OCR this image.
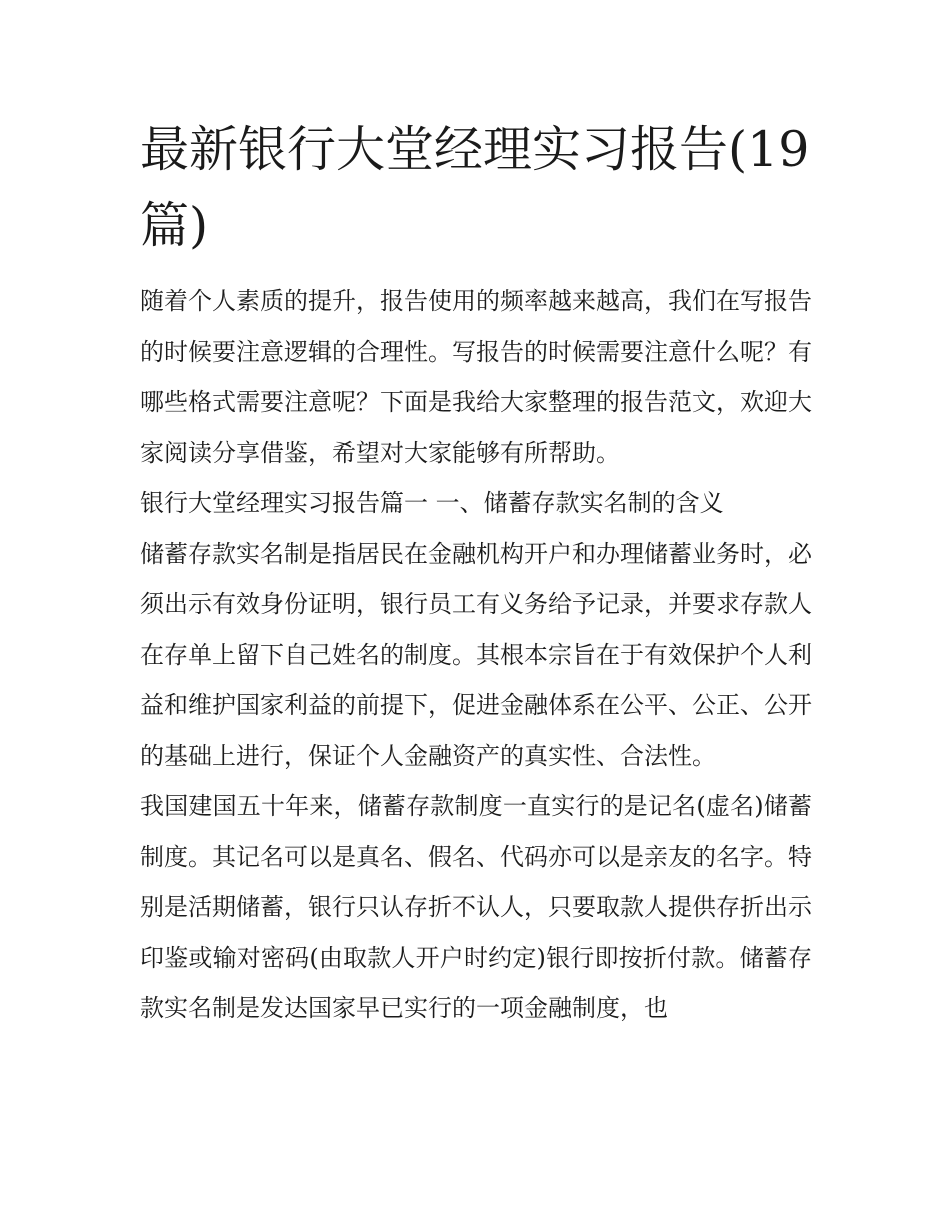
最新银行大堂经理实习报告(19篇)

随着个人素质的提升，报告使用的频率越来越高，我们在写报告的时候要注意逻辑的合理性。写报告的时候需要注意什么呢？有哪些格式需要注意呢？下面是我给大家整理的报告范文，欢迎大家阅读分享借鉴，希望对大家能够有所帮助。

银行大堂经理实习报告篇一 一、储蓄存款实名制的含义

储蓄存款实名制是指居民在金融机构开户和办理储蓄业务时，必须出示有效身份证明，银行员工有义务给予记录，并要求存款人在存单上留下自己姓名的制度。其根本宗旨在于有效保护个人利益和维护国家利益的前提下，促进金融体系在公平、公正、公开的基础上进行，保证个人金融资产的真实性、合法性。

我国建国五十年来，储蓄存款制度一直实行的是记名(虚名)储蓄制度。其记名可以是真名、假名、代码亦可以是亲友的名字。特别是活期储蓄，银行只认存折不认人，只要取款人提供存折出示印鉴或输对密码(由取款人开户时约定)银行即按折付款。储蓄存款实名制是发达国家早已实行的一项金融制度，也
